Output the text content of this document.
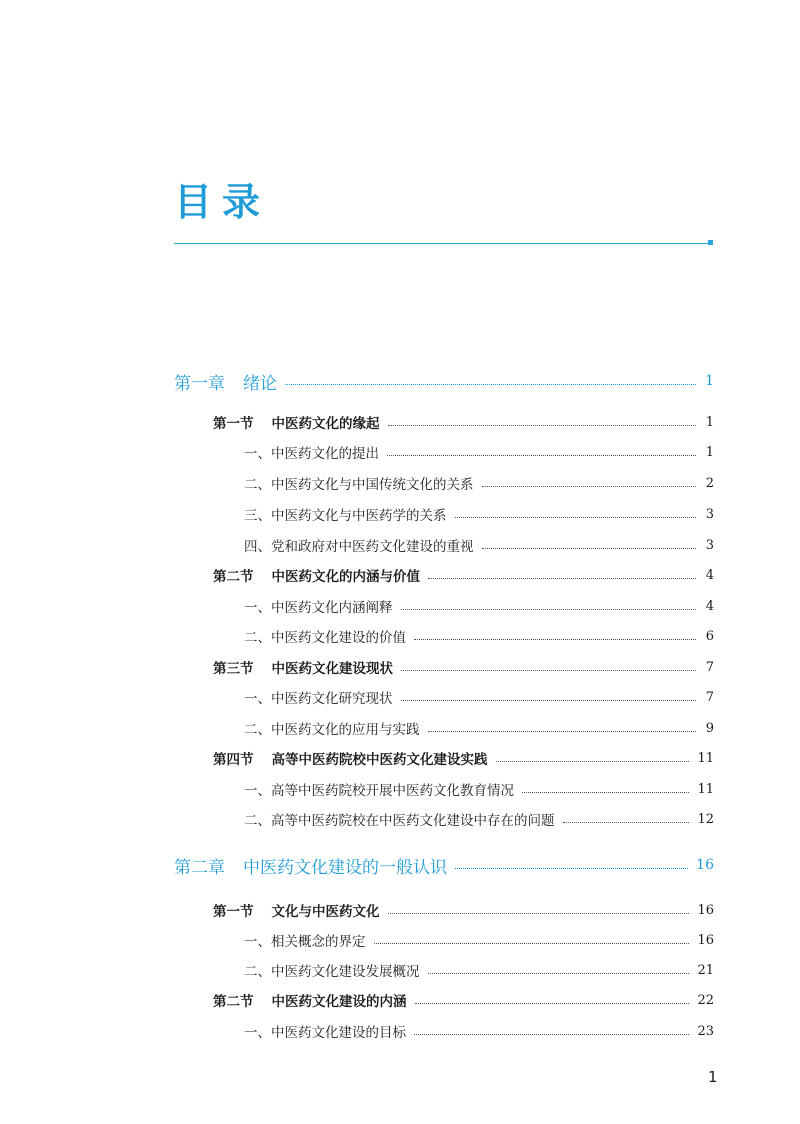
目录
第一章 绪论	1
第一节 中医药文化的缘起	1
一、中医药文化的提出	1
二、中医药文化与中国传统文化的关系	2
三、中医药文化与中医药学的关系	3
四、党和政府对中医药文化建设的重视	3
第二节 中医药文化的内涵与价值	4
一、中医药文化内涵阐释	4
二、中医药文化建设的价值	6
第三节 中医药文化建设现状	7
一、中医药文化研究现状	7
二、中医药文化的应用与实践	9
第四节 高等中医药院校中医药文化建设实践	11
一、高等中医药院校开展中医药文化教育情况	11
二、高等中医药院校在中医药文化建设中存在的问题	12
第二章 中医药文化建设的一般认识	16
第一节 文化与中医药文化	16
一、相关概念的界定	16
二、中医药文化建设发展概况	21
第二节 中医药文化建设的内涵	22
一、中医药文化建设的目标	23
1
